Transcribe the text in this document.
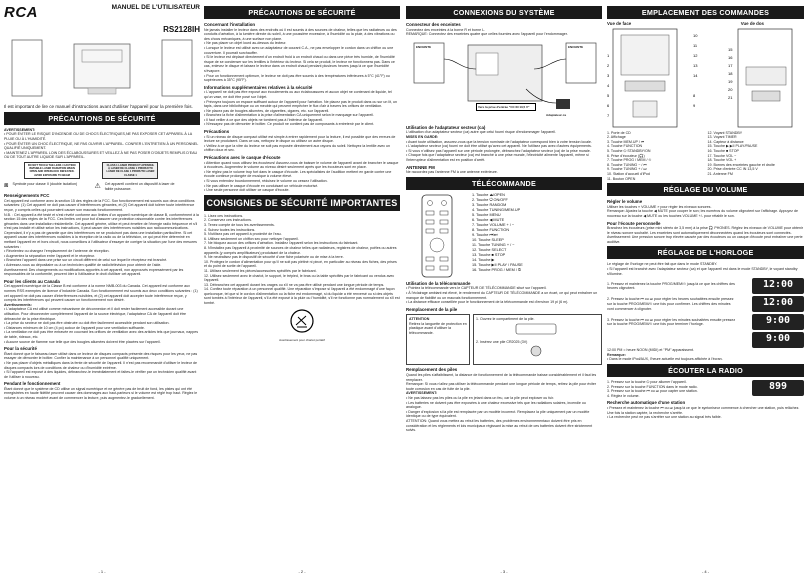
RCA	MANUEL DE L'UTILISATEUR
RS2128IH
Il est important de lire ce manuel d'instructions avant d'utiliser l'appareil pour la première fois.
PRÉCAUTIONS DE SÉCURITÉ
AVERTISSEMENT:
• POUR ÉVITER LE RISQUE D'INCENDIE OU DE CHOCS ÉLECTRIQUES,NE PAS EXPOSER CET APPAREIL À LA PLUIE OU À L'HUMIDITÉ.
• POUR ÉVITER UN CHOC ÉLECTRIQUE, NE PAS OUVRIR L'APPAREIL. CONFIER L'ENTRETIEN À UN PERSONNEL QUALIFIÉ UNIQUEMENT.
• MAINTENEZ L'APPAREIL LOIN DES ÉCLABOUSSURES ET VEILLEZ À NE PAS POSER D'OBJETS REMPLIS D'EAU OU DE TOUT AUTRE LIQUIDE SUR L'APPAREIL.
DO NOT TOUCH THE LENS / CAUTION: INVISIBLE LASER RADIATION WHEN OPEN AND INTERLOCK DEFEATED. AVOID EXPOSURE TO BEAM CLASS 1 LASER PRODUCT APPAREIL À LASER DE CLASSE 1 PRODUCTO LÁSER DE CLASE 1 PRODUTO LASER CLASSE 1
⧈ Symbole pour classe II (double isolation)	⚠ Cet appareil contient un dispositif à laser de faible puissance.
Renseignements FCC
Cet appareil est conforme avec la section 15 des règles de la FCC. Son fonctionnement est soumis aux deux conditions suivantes: (1) Cet appareil ne doit pas causer d'interférences gênantes, et (2) Cet appareil doit tolérer toute interférence reçue, y compris celles qui pourraient causer son mauvais fonctionnement.
N.B. : Cet appareil a été testé et s'est révélé conforme aux limites d'un appareil numérique de classe B, conformément à la section 15 des règles de la FCC. Ces limites ont pour but d'assurer une protection raisonnable contre les interférences gênantes dans une installation résidentielle. Cet appareil génère, utilise et peut émettre de l'énergie radio fréquence et s'il n'est pas installé et utilisé selon les instructions, il peut causer des interférences nuisibles aux radiocommunications. Cependant, il n'y a pas de garantie que des interférences ne se produiront pas dans une installation particulière. Si cet appareil cause des interférences nuisibles à la réception de la radio ou de la télévision, ce qui peut être déterminé en mettant l'appareil en et hors circuit, nous conseillons à l'utilisateur d'essayer de corriger la situation par l'une des mesures suivantes :
• Réorientez ou changez l'emplacement de l'antenne de réception.
• Augmentez la séparation entre l'appareil et le récepteur.
• Branchez l'appareil dans une prise sur un circuit différent de celui sur lequel le récepteur est branché.
• Adressez-vous au dépositaire ou à un technicien qualifié de radio/télévision pour obtenir de l'aide.
Avertissement: Des changements ou modifications apportés à cet appareil, non approuvés expressément par les responsables de la conformité, peuvent ôter à l'utilisateur le droit d'utiliser cet appareil.
Pour les clients au Canada
Cet appareil numérique de la Classe B est conforme à la norme NMB-003 du Canada. Cet appareil est conforme aux normes RSS exemptes de licence d'Industrie Canada. Son fonctionnement est soumis aux deux conditions suivantes : (1) cet appareil ne doit pas causer d'interférences nuisibles, et (2) cet appareil doit accepter toute interférence reçue, y compris les interférences qui peuvent causer un fonctionnement non désiré.
Avertissements:
• L'adaptateur CA est utilisé comme mécanisme de déconnexion et il doit rester facilement accessible durant une utilisation. Pour déconnecter complètement l'appareil de la source électrique, l'adaptateur CA de l'appareil doit être débranché de la prise électrique.
• La prise du secteur ne doit pas être obstruée ou doit être facilement accessible pendant son utilisation.
• Distances minimum de 10 cm (4 po) autour de l'appareil pour une ventilation suffisante.
• La ventilation ne doit pas être entravée en couvrant les orifices de ventilation avec des articles tels que journaux, nappes de table, rideaux, etc.
• Aucune source de flamme nue telle que des bougies allumées doivent être placées sur l'appareil.
Pour la sécurité
Étant donné que le faisceau laser utilisé dans ce lecteur de disques compacts présente des risques pour les yeux, ne pas essayer de démonter le boîtier. Confier la maintenance à un personnel qualifié uniquement.
• Ne pas placer d'objets métalliques dans la fente de sécurité de l'appareil. Il n'est pas recommandé d'utiliser le lecteur de disques compacts lors de conditions de chaleur ou d'humidité extrême.
• Si l'appareil est exposé à des liquides, débranchez-le immédiatement et faites-le vérifier par un technicien qualifié avant de l'utiliser à nouveau.
Pendant le fonctionnement
Étant donné que le système de CD utilise un signal numérique et ne génère pas de bruit de fond, les pistes qui ont été enregistrées en haute fidélité peuvent causer des dommages aux haut-parleurs si le volume est réglé trop haut. Réglez le volume à un niveau modéré avant de commencer la lecture, puis augmentez-le graduellement.
- 1 -
PRÉCAUTIONS DE SÉCURITÉ
Concernant l'installation
Ne jamais installer le lecteur dans des endroits où il est soumis à des sources de chaleur, telles que les radiateurs ou des conduits d'aération, à la lumière directe du soleil, à une poussière excessive, à l'humidité ou la pluie, à des vibrations ou des chocs mécaniques, à une surface non plane.
• Ne pas placer un objet lourd au-dessus du lecteur.
• Lorsque le lecteur est utilisé avec un adaptateur de courant C.A., ne pas envelopper le cordon dans un chiffon ou une couverture. Il pourrait surchauffer.
• Si le lecteur est déplacé directement d'un endroit froid à un endroit chaud ou dans une pièce très humide, de l'humidité risque de se condenser sur les lentilles à l'intérieur du lecteur. Si cela se produit, le lecteur ne fonctionnera pas. Dans ce cas, enlevez le disque et laissez le lecteur dans un endroit chaud pendant plusieurs heures jusqu'à ce que l'humidité s'évapore.
• Pour un fonctionnement optimum, le lecteur ne doit pas être soumis à des températures inférieures à 5°C (41°F) ou supérieures à 35°C (95°F).
Informations supplémentaires relatives à la sécurité
• L'appareil ne doit pas être exposé aux écoulements ou aux éclaboussures et aucun objet ne contenant de liquide, tel qu'un vase, ne doit être posé sur l'objet.
• Prévoyez toujours un espace suffisant autour de l'appareil pour l'aération. Ne placez pas le produit dans ou sur un lit, un tapis, dans une bibliothèque ou un meuble qui peuvent empêcher le flux d'air à travers les orifices de ventilation.
• Ne placez pas de bougies allumées, de cigarettes, cigares, etc. sur l'appareil.
• Branchez la fiche d'alimentation à la prise d'alimentation CA uniquement selon le marquage sur l'appareil.
• Il faut veiller à ce que des objets ne tombent pas à l'intérieur de l'appareil.
• N'essayez pas de démonter le boîtier. Ce produit ne contient pas de composants à entretenir par le client.
Précautions
• Si un niveau de disque compact utilisé est simple à entrer rapidement pour la lecture, il est possible que des erreurs de lecture se produisent. Dans ce cas, nettoyez le disque ou utilisez un autre disque.
• Veillez à ce que la vitre du lecteur ne soit pas exposée directement aux rayons du soleil. Nettoyez la lentille avec un chiffon doux et sec.
Précautions avec le casque d'écoute
• Attention quand vous utilisez les écouteurs! Assurez-vous de baisser le volume de l'appareil avant de brancher le casque à écouteurs. Augmentez le volume au niveau désiré seulement après que les écouteurs sont en place.
• Ne réglez pas le volume trop fort dans le casque d'écoute. Les spécialistes de l'audition mettent en garde contre une écoute continue prolongée de musique à volume élevé.
• Si vous entendez bourdonnement, réduisez le volume ou cessez l'utilisation.
• Ne pas utiliser le casque d'écoute en conduisant un véhicule motorisé.
• Une seule personne doit utiliser ce casque d'écoute.
CONSIGNES DE SÉCURITÉ IMPORTANTES
1. Lisez ces instructions.
2. Conservez ces instructions.
3. Tenez compte de tous les avertissements.
4. Suivez toutes les instructions.
5. N'utilisez pas cet appareil à proximité de l'eau.
6. Utilisez seulement un chiffon sec pour nettoyer l'appareil.
7. Ne bloquez aucun des orifices d'aération. Installez l'appareil selon les instructions du fabricant.
8. N'installez pas l'appareil à proximité de sources de chaleur telles que radiateurs, registres de chaleur, poêles ou autres appareils (y compris amplificateurs) produisant de la chaleur.
9. Ne neutralisez pas le dispositif de sécurité d'une fiche polarisée ou de mise à la terre.
10. Protégez le cordon d'alimentation pour qu'il ne soit pas piétiné ni pincé, en particulier au niveau des fiches, des prises et du point de sortie de l'appareil.
11. Utilisez seulement les pièces/accessoires spécifiés par le fabricant.
12. Utilisez seulement avec le chariot, le support, le trépied, le bras ou la table spécifiés par le fabricant ou vendus avec l'appareil.
13. Débranchez cet appareil durant les orages ou s'il ne va pas être utilisé pendant une longue période de temps.
14. Confiez toute réparation à un personnel qualifié. Une réparation s'impose si l'appareil a été endommagé d'une façon quelconque, tel que si le cordon d'alimentation ou la fiche est endommagé, si du liquide a été renversé ou si des objets sont tombés à l'intérieur de l'appareil, s'il a été exposé à la pluie ou l'humidité, s'il ne fonctionne pas normalement ou s'il est tombé.
Avertissement pour chariot portatif
- 2 -
CONNEXIONS DU SYSTÈME
Connecteur des enceintes
Connectez des enceintes à la borne R et borne L.
REMARQUE: Connectez des enceintes quatre que celles fournies avec l'appareil pour l'endommager.
ENCEINTE	ENCEINTE
Vers la prise d'entrée "CC IN 13,5 V"
Adaptateur ca
Utilisation de l'adaptateur secteur (ca)
L'utilisation d'un adaptateur secteur (ca) autre que celui fourni risque d'endommager l'appareil.
MISES EN GARDE:
• Avant toute utilisation, assurez-vous que la tension nominale de l'adaptateur correspond bien à votre tension locale.
• L'adaptateur secteur (ca) fourni ne doit être utilisé qu'avec cet appareil. Ne l'utilisez pas avec d'autres équipements.
• Si vous n'utilisez pas l'appareil sur une période prolongée, débranchez l'adaptateur secteur (ca) de la prise murale.
• Chaque fois que l'adaptateur secteur (ca) est branché à une prise murale, l'électricité alimente l'appareil, même si l'interrupteur d'alimentation est en position d'arrêt.
ANTENNE FM
Ne raccordez pas l'antenne FM à une antenne extérieure.
TÉLÉCOMMANDE
1. Touche ⏏/OPEN
2. Touche ⏻ ON/OFF
3. Touche RANDOM
4. Touche TUNING/MEM.UP
5. Touche MENU
6. Touche ◀ MUTE
7. Touche VOLUME + / −
8. Touche FUNCTION
9. Touche ⏮/⏭
10. Touche SLEEP
11. Touche TUNING + / −
12. Touche SELECT
13. Touche ■ STOP
14. Touche ▶
15. Touche ▶II PLAY / PAUSE
16. Touche PROG / MEM / ⏲
Utilisation de la télécommande
• Pointez la télécommande vers le CAPTEUR DE TÉLÉCOMMANDE situé sur l'appareil.
• À l'éclairage ambiant est élevé, le rendement du CAPTEUR DE TÉLÉCOMMANDE a un écart, ce qui peut entraîner un manque de fiabilité ou un mauvais fonctionnement.
• La distance efficace conseillée pour le fonctionnement de la télécommande est d'environ 19 pi (6 m).
Remplacement de la pile
ATTENTION
Retirez la languette de protection en plastique avant d'utiliser la télécommande.
1. Ouvrez le compartiment de la pile.
2. Insérez une pile CR2025 (3V)
Remplacement des piles
Quand les piles s'affaiblissent, la distance de fonctionnement de la télécommande baisse considérablement et il faut les remplacer.
Remarque: Si vous n'allez pas utiliser la télécommande pendant une longue période de temps, retirez la pile pour éviter toute corrosion en cas de fuite de la pile.
AVERTISSEMENT:
• Ne pas laissez pas les piles ou la pile en jetant dans un feu, car la pile peut exploser ou fuir.
• Les batteries ne doivent pas être exposées à une chaleur excessive tels que les radiations solaires, incendie ou analogue.
• Danger d'explosion si la pile est remplacée par un modèle incorrect. Remplacez la pile uniquement par un modèle identique ou de type équivalent.
ATTENTION: Quand vous mettez au rebut les batteries, des problèmes environnementaux doivent être pris en considération et les règlements et lois municipaux régissant la mise au rebut de ces batteries doivent être strictement suivis.
- 3 -
EMPLACEMENT DES COMMANDES
Vue de face	Vue de dos
10
11
12
13
14
1
2
3
4
5
6
7
8
9
15
16
17
18
19
20
21
1. Porte de CD
2. Affichage
3. Touche MEM.UP / ⏮
4. Touche FUNCTION
5. Touche ⏻ STANDBY/ON
6. Prise d'écouteur (🎧)
7. Touche PROG / MEM / ⏲
8. Touche TUNING − / ⏮
9. Touche TUNING + / ⏭
10. Station d'accueil d'iPod
11. Bouton OPEN
12. Voyant STANDBY
13. Voyant TIMER
14. Capteur à distance
15. Touche ▶ ▶II PLAY/PAUSE
16. Touche ■ STOP
17. Touche VOL −
18. Touche VOL +
19. Bornes des enceintes gauche et droite
20. Prise d'entrée CC IN 13,5 V
21. Antenne FM
RÉGLAGE DU VOLUME
Régler le volume
Utiliser les touches « VOLUME » pour régler les niveaux sonores.
Remarque: Ajustez la touche ◀ MUTE pour couper le son; les numéros du volume clignotent sur l'affichage. Appuyez de nouveau sur la touche ◀ MUTE ou les touches VOLUME +/- pour rétablir le son.
Pour l'écoute personnelle
Branchez les écouteurs (prise mini stéréo de 3,5 mm) à la prise 🎧 PHONES. Réglez les niveaux de VOLUME pour obtenir le niveau sonore souhaité. Les enceintes sont automatiquement déconnectées quand les écouteurs sont connectés.
Avertissement: Une pression sonore trop élevée causée par des écouteurs ou un casque d'écoute peut entraîner une perte auditive.
RÉGLAGE DE L'HORLOGE
Le réglage de l'horloge ne peut être fait que dans le mode STANDBY.
• Si l'appareil est branché avec l'adaptateur secteur (ca) et que l'appareil est dans le mode STANDBY, le voyant standby s'illumine.
1. Pressez et maintenez la touche PROG/MEM/⏲ jusqu'à ce que les chiffres des heures clignotent.	12:00
2. Pressez la touche ⏮ ou ⏭ pour régler les heures souhaitées ensuite pressez sur la touche PROG/MEM/⏲ une fois pour confirmer. Les chiffres des minutes vont commencer à clignoter.
12:00
3. Pressez la touche ⏮ ou ⏭ pour régler les minutes souhaitées ensuite pressez sur la touche PROG/MEM/⏲ une fois pour terminer l'horloge.	9:00
9:00
12:00 PM = heure NOON (MIDI) et "PM" apparaissent.
Remarque:
• Dans le mode iPod/AUX, l'heure actuelle est toujours affichée à l'écran.
ÉCOUTER LA RADIO
1. Pressez sur la touche ⏻ pour allumer l'appareil.
2. Pressez sur la touche FUNCTION dans le mode radio.
3. Pressez sur la touche ⏮ ou ⏭ pour capter une station.
4. Réglez le volume.
899
Recherche automatique d'une station
• Pressez et maintenez la touche ⏮ ou ⏭ jusqu'à ce que le syntoniseur commence à chercher une station, puis relâchez. Une fois la station captée, la recherche s'arrête.
• La recherche peut ne pas s'arrêter sur une station au signal très faible.
- 4 -
